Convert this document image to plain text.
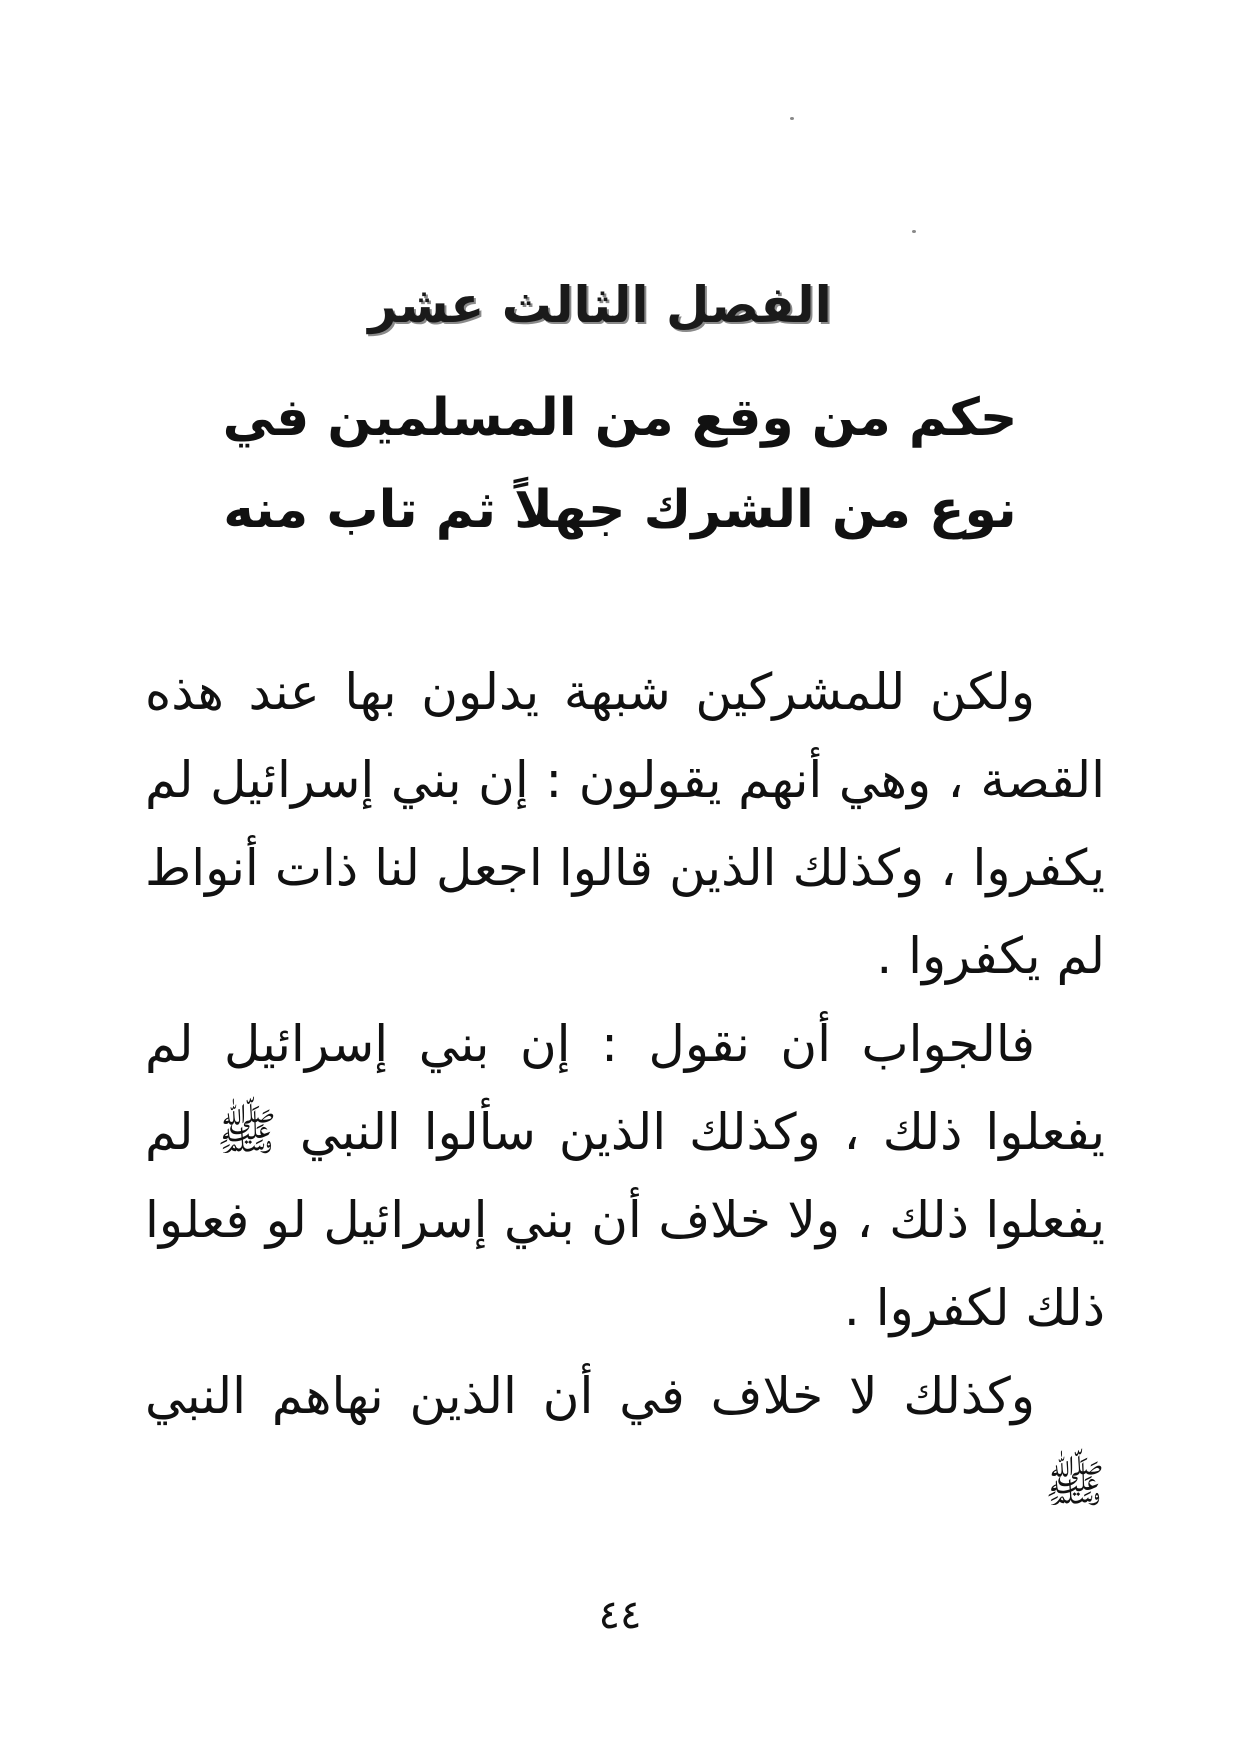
الفصل الثالث عشر
حكم من وقع من المسلمين في نوع من الشرك جهلاً ثم تاب منه

ولكن للمشركين شبهة يدلون بها عند هذه القصة ، وهي أنهم يقولون : إن بني إسرائيل لم يكفروا ، وكذلك الذين قالوا اجعل لنا ذات أنواط لم يكفروا .

فالجواب أن نقول : إن بني إسرائيل لم يفعلوا ذلك ، وكذلك الذين سألوا النبي ﷺ لم يفعلوا ذلك ، ولا خلاف أن بني إسرائيل لو فعلوا ذلك لكفروا .

وكذلك لا خلاف في أن الذين نهاهم النبي ﷺ

٤٤
